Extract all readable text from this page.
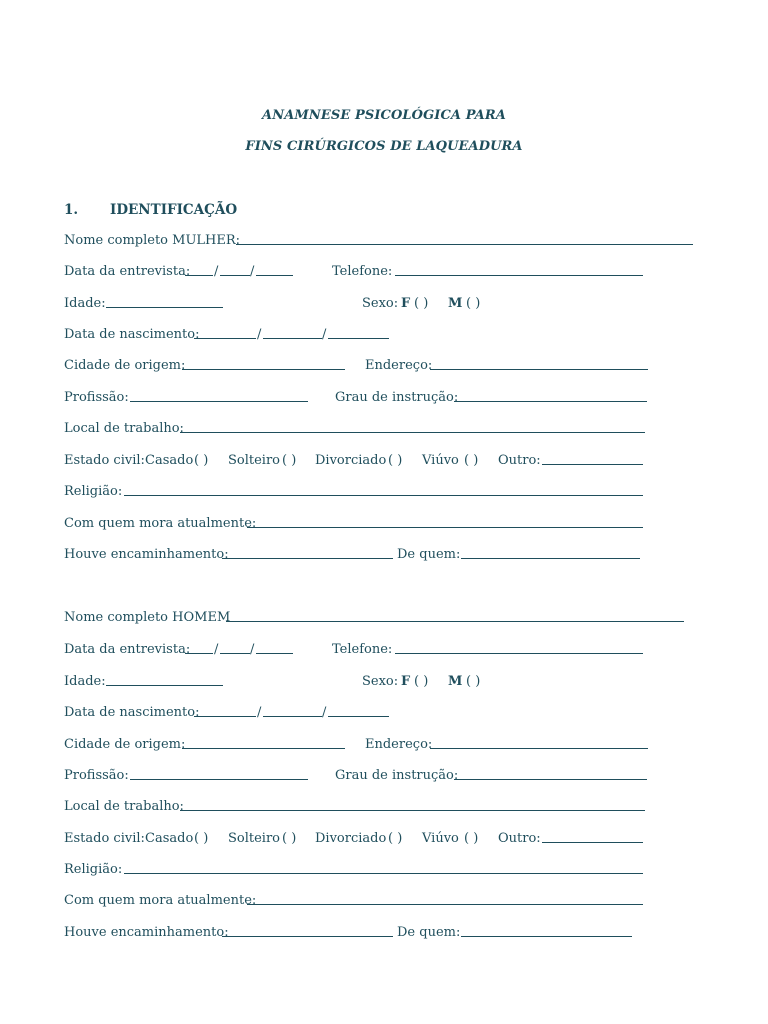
ANAMNESE PSICOLÓGICA PARA
FINS CIRÚRGICOS DE LAQUEADURA
1. IDENTIFICAÇÃO
Nome completo MULHER:
Data da entrevista: / /	Telefone:
Idade:	Sexo: F ( ) M ( )
Data de nascimento:	/	/
Cidade de origem:	Endereço:
Profissão:	Grau de instrução:
Local de trabalho:
Estado civil: Casado ( ) Solteiro ( ) Divorciado ( ) Viúvo ( ) Outro:
Religião:
Com quem mora atualmente:
Houve encaminhamento:	De quem:
Nome completo HOMEM
Data da entrevista: / /	Telefone:
Idade:	Sexo: F ( ) M ( )
Data de nascimento:	/	/
Cidade de origem:	Endereço:
Profissão:	Grau de instrução:
Local de trabalho:
Estado civil: Casado ( ) Solteiro ( ) Divorciado ( ) Viúvo ( ) Outro:
Religião:
Com quem mora atualmente:
Houve encaminhamento:	De quem:
